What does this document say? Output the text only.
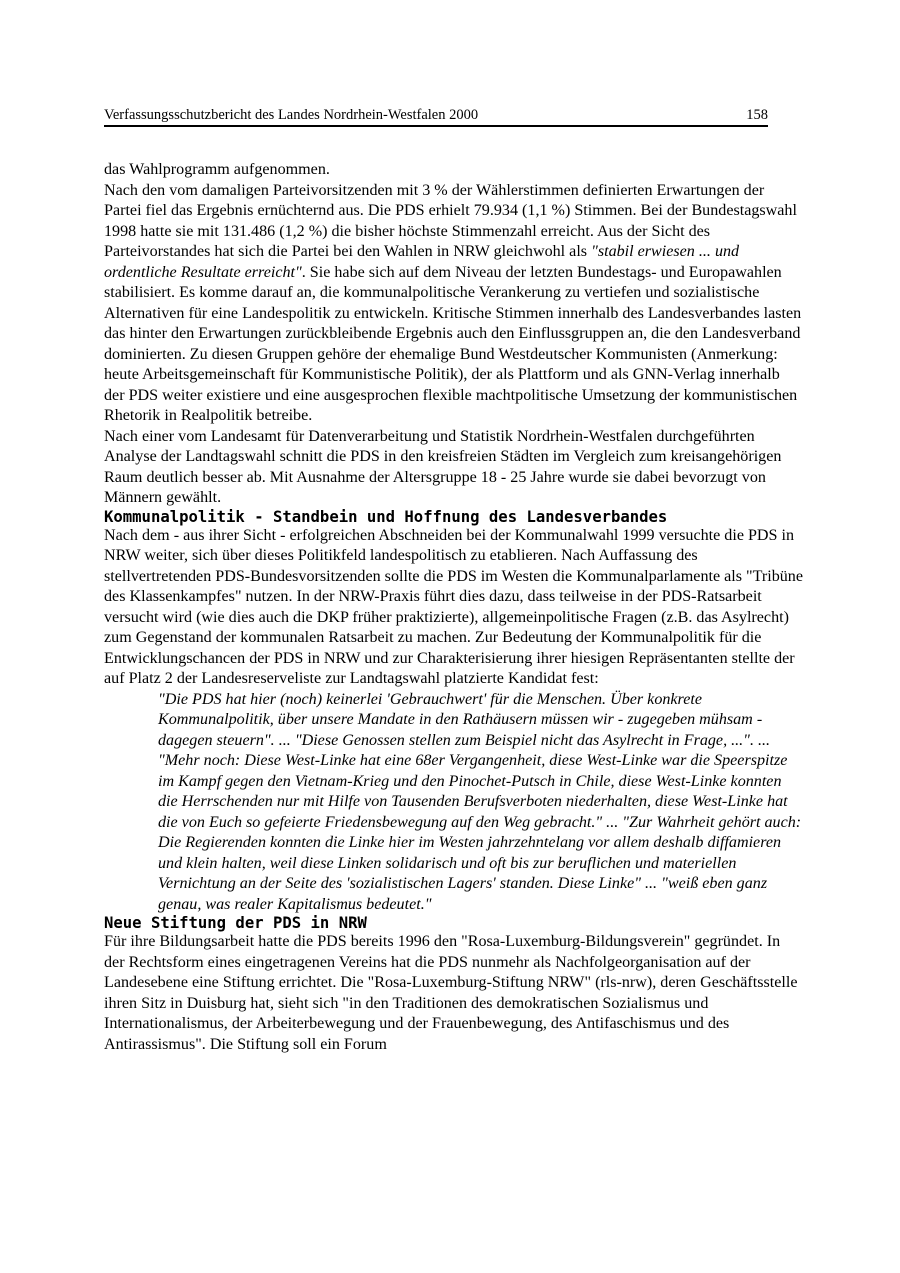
Verfassungsschutzbericht des Landes Nordrhein-Westfalen 2000	158

das Wahlprogramm aufgenommen.

Nach den vom damaligen Parteivorsitzenden mit 3 % der Wählerstimmen definierten Erwartungen der Partei fiel das Ergebnis ernüchternd aus. Die PDS erhielt 79.934 (1,1 %) Stimmen. Bei der Bundestagswahl 1998 hatte sie mit 131.486 (1,2 %) die bisher höchste Stimmenzahl erreicht. Aus der Sicht des Parteivorstandes hat sich die Partei bei den Wahlen in NRW gleichwohl als "stabil erwiesen ... und ordentliche Resultate erreicht". Sie habe sich auf dem Niveau der letzten Bundestags- und Europawahlen stabilisiert. Es komme darauf an, die kommunalpolitische Verankerung zu vertiefen und sozialistische Alternativen für eine Landespolitik zu entwickeln. Kritische Stimmen innerhalb des Landesverbandes lasten das hinter den Erwartungen zurückbleibende Ergebnis auch den Einflussgruppen an, die den Landesverband dominierten. Zu diesen Gruppen gehöre der ehemalige Bund Westdeutscher Kommunisten (Anmerkung: heute Arbeitsgemeinschaft für Kommunistische Politik), der als Plattform und als GNN-Verlag innerhalb der PDS weiter existiere und eine ausgesprochen flexible machtpolitische Umsetzung der kommunistischen Rhetorik in Realpolitik betreibe.

Nach einer vom Landesamt für Datenverarbeitung und Statistik Nordrhein-Westfalen durchgeführten Analyse der Landtagswahl schnitt die PDS in den kreisfreien Städten im Vergleich zum kreisangehörigen Raum deutlich besser ab. Mit Ausnahme der Altersgruppe 18 - 25 Jahre wurde sie dabei bevorzugt von Männern gewählt.

Kommunalpolitik - Standbein und Hoffnung des Landesverbandes

Nach dem - aus ihrer Sicht - erfolgreichen Abschneiden bei der Kommunalwahl 1999 versuchte die PDS in NRW weiter, sich über dieses Politikfeld landespolitisch zu etablieren. Nach Auffassung des stellvertretenden PDS-Bundesvorsitzenden sollte die PDS im Westen die Kommunalparlamente als "Tribüne des Klassenkampfes" nutzen. In der NRW-Praxis führt dies dazu, dass teilweise in der PDS-Ratsarbeit versucht wird (wie dies auch die DKP früher praktizierte), allgemeinpolitische Fragen (z.B. das Asylrecht) zum Gegenstand der kommunalen Ratsarbeit zu machen. Zur Bedeutung der Kommunalpolitik für die Entwicklungschancen der PDS in NRW und zur Charakterisierung ihrer hiesigen Repräsentanten stellte der auf Platz 2 der Landesreserveliste zur Landtagswahl platzierte Kandidat fest:

"Die PDS hat hier (noch) keinerlei 'Gebrauchwert' für die Menschen. Über konkrete Kommunalpolitik, über unsere Mandate in den Rathäusern müssen wir - zugegeben mühsam - dagegen steuern". ... "Diese Genossen stellen zum Beispiel nicht das Asylrecht in Frage, ...". ... "Mehr noch: Diese West-Linke hat eine 68er Vergangenheit, diese West-Linke war die Speerspitze im Kampf gegen den Vietnam-Krieg und den Pinochet-Putsch in Chile, diese West-Linke konnten die Herrschenden nur mit Hilfe von Tausenden Berufsverboten niederhalten, diese West-Linke hat die von Euch so gefeierte Friedensbewegung auf den Weg gebracht." ... "Zur Wahrheit gehört auch: Die Regierenden konnten die Linke hier im Westen jahrzehntelang vor allem deshalb diffamieren und klein halten, weil diese Linken solidarisch und oft bis zur beruflichen und materiellen Vernichtung an der Seite des 'sozialistischen Lagers' standen. Diese Linke" ... "weiß eben ganz genau, was realer Kapitalismus bedeutet."
Neue Stiftung der PDS in NRW

Für ihre Bildungsarbeit hatte die PDS bereits 1996 den "Rosa-Luxemburg-Bildungsverein" gegründet. In der Rechtsform eines eingetragenen Vereins hat die PDS nunmehr als Nachfolgeorganisation auf der Landesebene eine Stiftung errichtet. Die "Rosa-Luxemburg-Stiftung NRW" (rls-nrw), deren Geschäftsstelle ihren Sitz in Duisburg hat, sieht sich "in den Traditionen des demokratischen Sozialismus und Internationalismus, der Arbeiterbewegung und der Frauenbewegung, des Antifaschismus und des Antirassismus". Die Stiftung soll ein Forum
